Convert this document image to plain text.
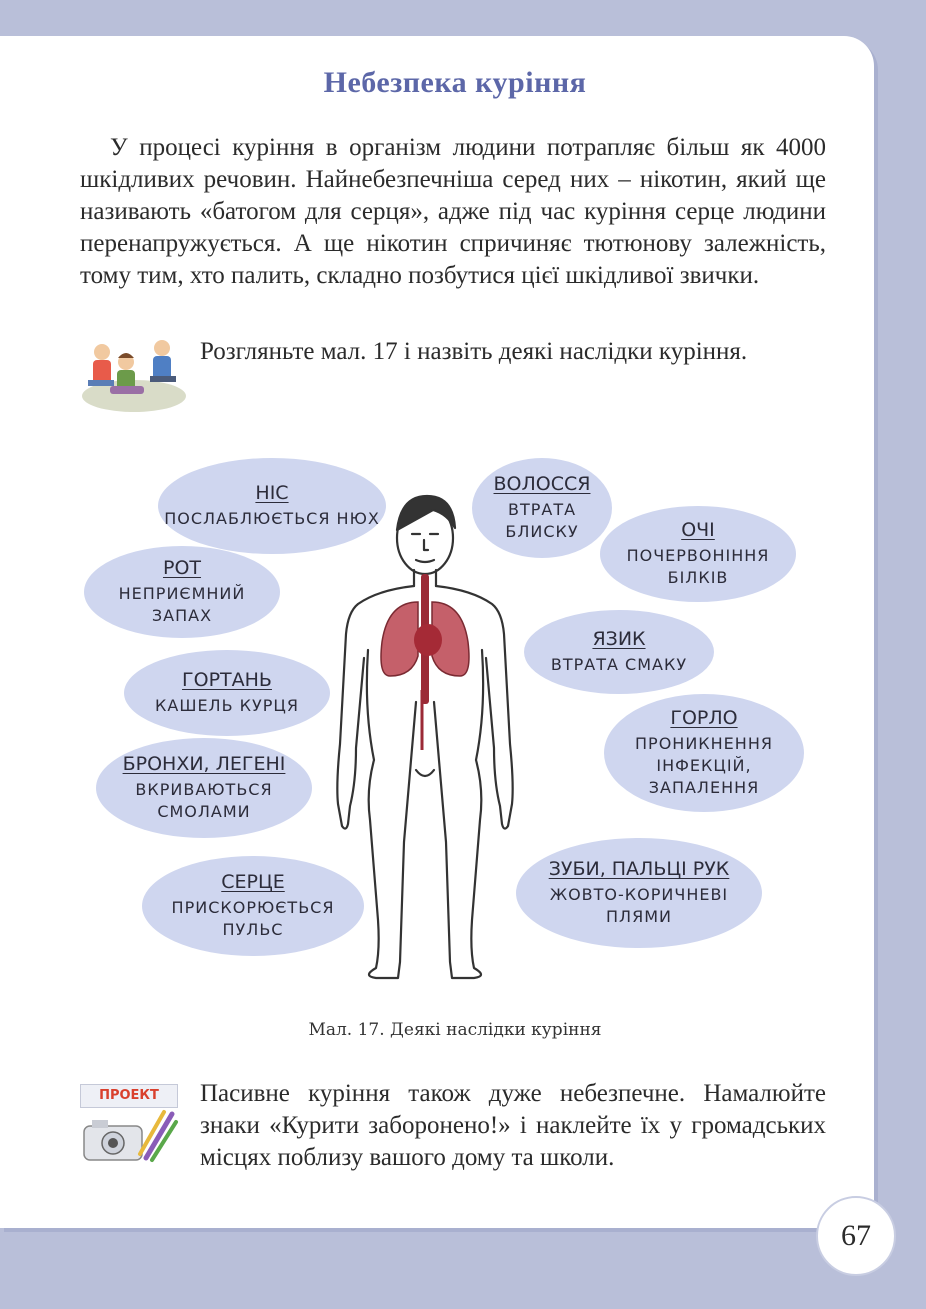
Небезпека куріння
У процесі куріння в організм людини потрапляє більш як 4000 шкідливих речовин. Найнебезпечніша серед них – нікотин, який ще називають «батогом для серця», адже під час куріння серце людини перенапружується. А ще нікотин спричиняє тютюнову залежність, тому тим, хто палить, складно позбутися цієї шкідливої звички.
Розгляньте мал. 17 і назвіть деякі наслідки куріння.
НІС
ПОСЛАБЛЮЄТЬСЯ НЮХ
РОТ
НЕПРИЄМНИЙ ЗАПАХ
ГОРТАНЬ
КАШЕЛЬ КУРЦЯ
БРОНХИ, ЛЕГЕНІ
ВКРИВАЮТЬСЯ СМОЛАМИ
СЕРЦЕ
ПРИСКОРЮЄТЬСЯ ПУЛЬС
ВОЛОССЯ
ВТРАТА БЛИСКУ	ОЧІ
ПОЧЕРВОНІННЯ БІЛКІВ
ЯЗИК
ВТРАТА СМАКУ
ГОРЛО
ПРОНИКНЕННЯ ІНФЕКЦІЙ, ЗАПАЛЕННЯ
ЗУБИ, ПАЛЬЦІ РУК
ЖОВТО-КОРИЧНЕВІ ПЛЯМИ
Мал. 17. Деякі наслідки куріння
ПРОЕКТ	Пасивне куріння також дуже небезпечне. Намалюйте знаки «Курити заборонено!» і наклейте їх у громадських місцях поблизу вашого дому та школи.
67
